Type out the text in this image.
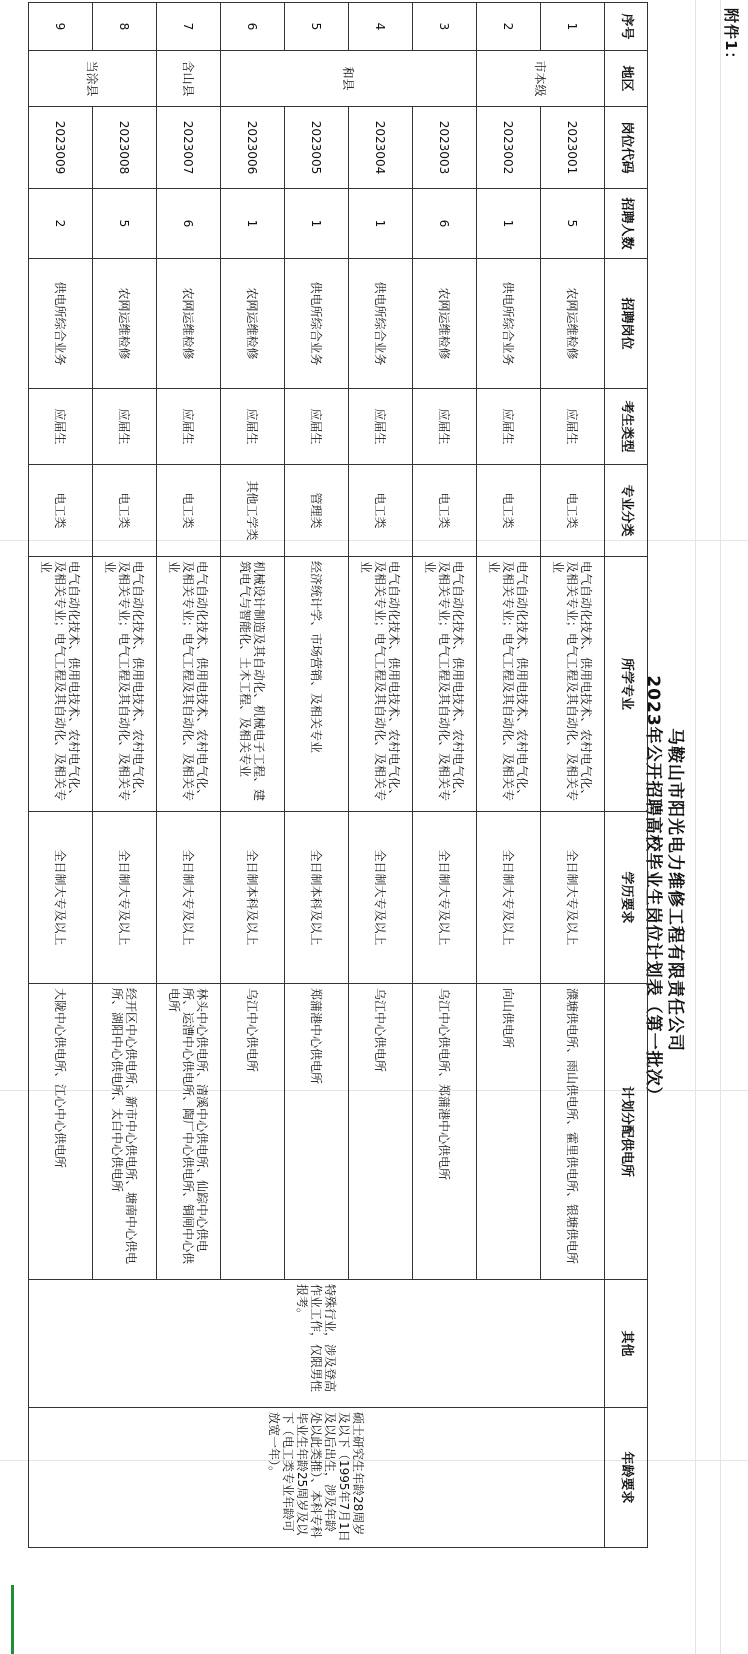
附件1：
马鞍山市阳光电力维修工程有限责任公司
2023年公开招聘高校毕业生岗位计划表（第一批次）
序号	地区	岗位代码	招聘人数	招聘岗位	考生类型	专业分类	所学专业	学历要求	计划分配供电所	其他	年龄要求
1	市本级	2023001	5	农网运维检修	应届生	电工类	电气自动化技术、供用电技术、农村电气化、及相关专业；电气工程及其自动化、及相关专业	全日制大专及以上	濮塘供电所、雨山供电所、霍里供电所、银塘供电所	特殊行业，涉及登高作业工作，仅限男性报考。	硕士研究生年龄28周岁及以下（1995年7月1日及以后出生，涉及年龄处以此类推）、本科专科毕业生年龄25周岁及以下（电工类专业年龄可放宽一年）。
2		2023002	1	供电所综合业务	应届生	电工类	电气自动化技术、供用电技术、农村电气化、及相关专业；电气工程及其自动化、及相关专业	全日制大专及以上	向山供电所		
3	和县	2023003	6	农网运维检修	应届生	电工类	电气自动化技术、供用电技术、农村电气化、及相关专业；电气工程及其自动化、及相关专业	全日制大专及以上	乌江中心供电所、郑蒲港中心供电所		
4		2023004	1	供电所综合业务	应届生	电工类	电气自动化技术、供用电技术、农村电气化、及相关专业；电气工程及其自动化、及相关专业	全日制大专及以上	乌江中心供电所		
5		2023005	1	供电所综合业务	应届生	管理类	经济统计学、市场营销、及相关专业	全日制本科及以上	郑蒲港中心供电所		
6		2023006	1	农网运维检修	应届生	其他工学类	机械设计制造及其自动化、机械电子工程、建筑电气与智能化、土木工程、及相关专业	全日制本科及以上	乌江中心供电所		
7	含山县	2023007	6	农网运维检修	应届生	电工类	电气自动化技术、供用电技术、农村电气化、及相关专业；电气工程及其自动化、及相关专业	全日制大专及以上	林头中心供电所、清溪中心供电所、仙踪中心供电所、运漕中心供电所、陶厂中心供电所、铜闸中心供电所		
8	当涂县	2023008	5	农网运维检修	应届生	电工类	电气自动化技术、供用电技术、农村电气化、及相关专业；电气工程及其自动化、及相关专业	全日制大专及以上	经开区中心供电所、新市中心供电所、塘南中心供电所、湖阳中心供电所、太白中心供电所		
9		2023009	2	供电所综合业务	应届生	电工类	电气自动化技术、供用电技术、农村电气化、及相关专业；电气工程及其自动化、及相关专业	全日制大专及以上	大陇中心供电所、江心中心供电所		
